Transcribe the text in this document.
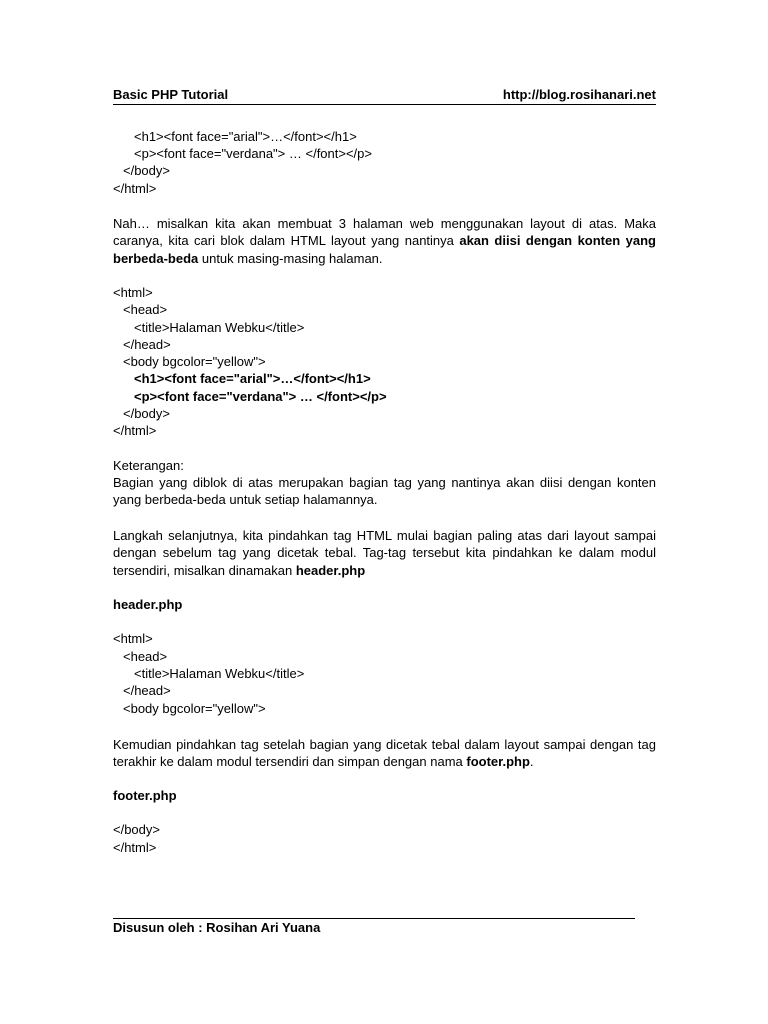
Basic PHP Tutorial	http://blog.rosihanari.net
<h1><font face="arial">…</font></h1>
<p><font face="verdana"> … </font></p>
</body>
</html>
Nah… misalkan kita akan membuat 3 halaman web menggunakan layout di atas. Maka caranya, kita cari blok dalam HTML layout yang nantinya akan diisi dengan konten yang berbeda-beda untuk masing-masing halaman.
<html>
<head>
<title>Halaman Webku</title>
</head>
<body bgcolor="yellow">
<h1><font face="arial">…</font></h1>
<p><font face="verdana"> … </font></p>
</body>
</html>
Keterangan:
Bagian yang diblok di atas merupakan bagian tag yang nantinya akan diisi dengan konten yang berbeda-beda untuk setiap halamannya.
Langkah selanjutnya, kita pindahkan tag HTML mulai bagian paling atas dari layout sampai dengan sebelum tag yang dicetak tebal. Tag-tag tersebut kita pindahkan ke dalam modul tersendiri, misalkan dinamakan header.php
header.php
<html>
<head>
<title>Halaman Webku</title>
</head>
<body bgcolor="yellow">
Kemudian pindahkan tag setelah bagian yang dicetak tebal dalam layout sampai dengan tag terakhir ke dalam modul tersendiri dan simpan dengan nama footer.php.
footer.php
</body>
</html>
Disusun oleh : Rosihan Ari Yuana
